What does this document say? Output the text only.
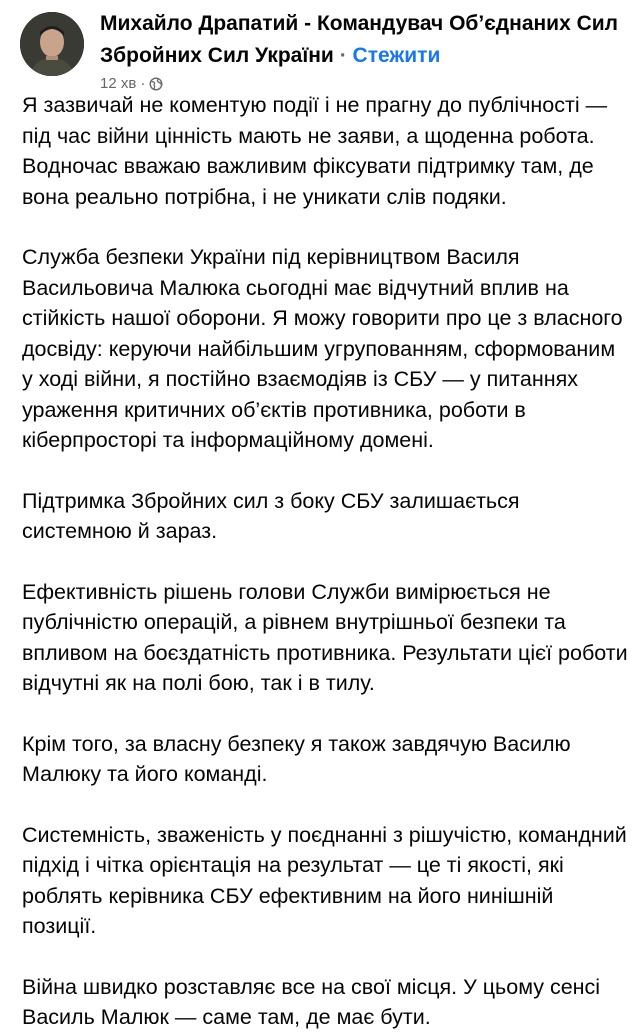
Михайло Драпатий - Командувач Об’єднаних Сил Збройних Сил України · Стежити
12 хв ·

Я зазвичай не коментую події і не прагну до публічності — під час війни цінність мають не заяви, а щоденна робота. Водночас вважаю важливим фіксувати підтримку там, де вона реально потрібна, і не уникати слів подяки.

Служба безпеки України під керівництвом Василя Васильовича Малюка сьогодні має відчутний вплив на стійкість нашої оборони. Я можу говорити про це з власного досвіду: керуючи найбільшим угрупованням, сформованим у ході війни, я постійно взаємодіяв із СБУ — у питаннях ураження критичних об’єктів противника, роботи в кіберпросторі та інформаційному домені.

Підтримка Збройних сил з боку СБУ залишається системною й зараз.

Ефективність рішень голови Служби вимірюється не публічністю операцій, а рівнем внутрішньої безпеки та впливом на боєздатність противника. Результати цієї роботи відчутні як на полі бою, так і в тилу.

Крім того, за власну безпеку я також завдячую Василю Малюку та його команді.

Системність, зваженість у поєднанні з рішучістю, командний підхід і чітка орієнтація на результат — це ті якості, які роблять керівника СБУ ефективним на його нинішній позиції.

Війна швидко розставляє все на свої місця. У цьому сенсі Василь Малюк — саме там, де має бути.
